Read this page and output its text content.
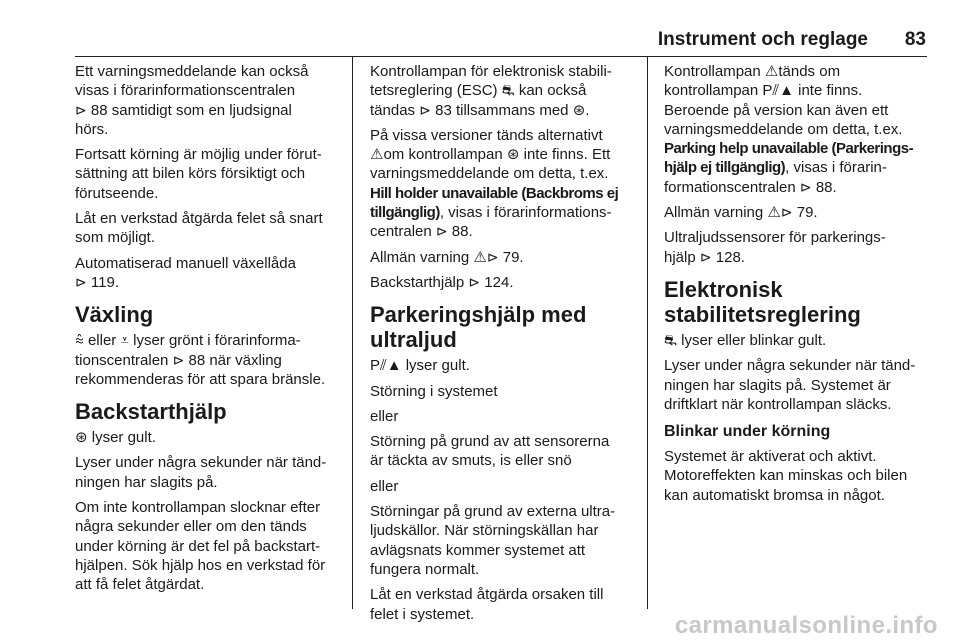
Instrument och reglage 83

Ett varningsmeddelande kan också
visas i förarinformationscentralen
⊳ 88 samtidigt som en ljudsignal
hörs.

Fortsatt körning är möjlig under förut-
sättning att bilen körs försiktigt och
förutseende.

Låt en verkstad åtgärda felet så snart
som möjligt.

Automatiserad manuell växellåda
⊳ 119.

Växling

⩯ eller ⩡ lyser grönt i förarinforma-
tionscentralen ⊳ 88 när växling
rekommenderas för att spara bränsle.

Backstarthjälp

⊛ lyser gult.

Lyser under några sekunder när tänd-
ningen har slagits på.

Om inte kontrollampan slocknar efter
några sekunder eller om den tänds
under körning är det fel på backstart-
hjälpen. Sök hjälp hos en verkstad för
att få felet åtgärdat.

Kontrollampan för elektronisk stabili-
tetsreglering (ESC) ⛐ kan också
tändas ⊳ 83 tillsammans med ⊛.

På vissa versioner tänds alternativt
⚠om kontrollampan ⊛ inte finns. Ett
varningsmeddelande om detta, t.ex.
Hill holder unavailable (Backbroms ej
tillgänglig), visas i förarinformations-
centralen ⊳ 88.

Allmän varning ⚠⊳ 79.

Backstarthjälp ⊳ 124.

Parkeringshjälp med
ultraljud

P⫽▲ lyser gult.

Störning i systemet

eller

Störning på grund av att sensorerna
är täckta av smuts, is eller snö

eller

Störningar på grund av externa ultra-
ljudskällor. När störningskällan har
avlägsnats kommer systemet att
fungera normalt.

Låt en verkstad åtgärda orsaken till
felet i systemet.

Kontrollampan ⚠tänds om
kontrollampan P⫽▲ inte finns.
Beroende på version kan även ett
varningsmeddelande om detta, t.ex.
Parking help unavailable (Parkerings-
hjälp ej tillgänglig), visas i förarin-
formationscentralen ⊳ 88.

Allmän varning ⚠⊳ 79.

Ultraljudssensorer för parkerings-
hjälp ⊳ 128.

Elektronisk
stabilitetsreglering

⛐ lyser eller blinkar gult.

Lyser under några sekunder när tänd-
ningen har slagits på. Systemet är
driftklart när kontrollampan släcks.

Blinkar under körning

Systemet är aktiverat och aktivt.
Motoreffekten kan minskas och bilen
kan automatiskt bromsa in något.

carmanualsonline.info
